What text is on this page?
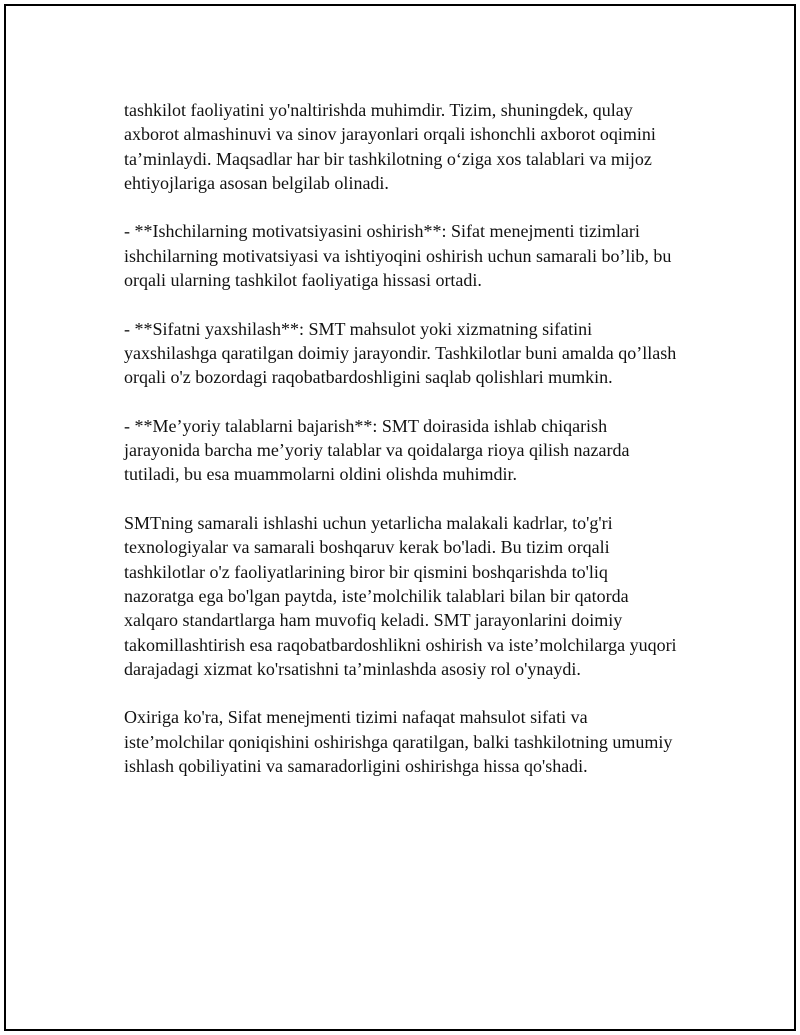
tashkilot faoliyatini yo'naltirishda muhimdir. Tizim, shuningdek, qulay
axborot almashinuvi va sinov jarayonlari orqali ishonchli axborot oqimini
ta’minlaydi. Maqsadlar har bir tashkilotning o‘ziga xos talablari va mijoz
ehtiyojlariga asosan belgilab olinadi.

- **Ishchilarning motivatsiyasini oshirish**: Sifat menejmenti tizimlari
ishchilarning motivatsiyasi va ishtiyoqini oshirish uchun samarali bo’lib, bu
orqali ularning tashkilot faoliyatiga hissasi ortadi.

- **Sifatni yaxshilash**: SMT mahsulot yoki xizmatning sifatini
yaxshilashga qaratilgan doimiy jarayondir. Tashkilotlar buni amalda qo’llash
orqali o'z bozordagi raqobatbardoshligini saqlab qolishlari mumkin.

- **Me’yoriy talablarni bajarish**: SMT doirasida ishlab chiqarish
jarayonida barcha me’yoriy talablar va qoidalarga rioya qilish nazarda
tutiladi, bu esa muammolarni oldini olishda muhimdir.

SMTning samarali ishlashi uchun yetarlicha malakali kadrlar, to'g'ri
texnologiyalar va samarali boshqaruv kerak bo'ladi. Bu tizim orqali
tashkilotlar o'z faoliyatlarining biror bir qismini boshqarishda to'liq
nazoratga ega bo'lgan paytda, iste’molchilik talablari bilan bir qatorda
xalqaro standartlarga ham muvofiq keladi. SMT jarayonlarini doimiy
takomillashtirish esa raqobatbardoshlikni oshirish va iste’molchilarga yuqori
darajadagi xizmat ko'rsatishni ta’minlashda asosiy rol o'ynaydi.

Oxiriga ko'ra, Sifat menejmenti tizimi nafaqat mahsulot sifati va
iste’molchilar qoniqishini oshirishga qaratilgan, balki tashkilotning umumiy
ishlash qobiliyatini va samaradorligini oshirishga hissa qo'shadi.
